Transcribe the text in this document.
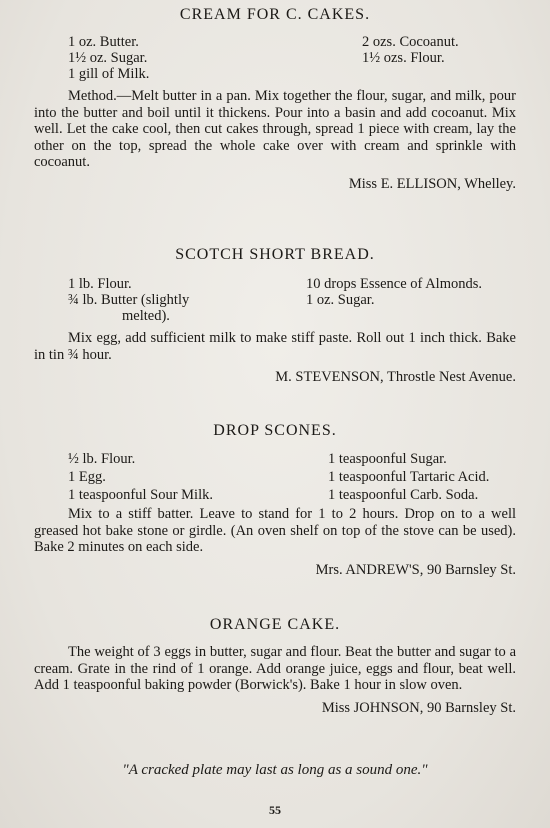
CREAM FOR C. CAKES.
1 oz. Butter.
1½ oz. Sugar.
1 gill of Milk.
2 ozs. Cocoanut.
1½ ozs. Flour.

Method.—Melt butter in a pan. Mix together the flour, sugar, and milk, pour into the butter and boil until it thickens. Pour into a basin and add cocoanut. Mix well. Let the cake cool, then cut cakes through, spread 1 piece with cream, lay the other on the top, spread the whole cake over with cream and sprinkle with cocoanut.

Miss E. ELLISON, Whelley.

SCOTCH SHORT BREAD.
1 lb. Flour.
¾ lb. Butter (slightly
melted).
10 drops Essence of Almonds.
1 oz. Sugar.

Mix egg, add sufficient milk to make stiff paste. Roll out 1 inch thick. Bake in tin ¾ hour.

M. STEVENSON, Throstle Nest Avenue.

DROP SCONES.
½ lb. Flour.
1 Egg.
1 teaspoonful Sour Milk.
1 teaspoonful Sugar.
1 teaspoonful Tartaric Acid.
1 teaspoonful Carb. Soda.

Mix to a stiff batter. Leave to stand for 1 to 2 hours. Drop on to a well greased hot bake stone or girdle. (An oven shelf on top of the stove can be used). Bake 2 minutes on each side.

Mrs. ANDREW'S, 90 Barnsley St.

ORANGE CAKE.

The weight of 3 eggs in butter, sugar and flour. Beat the butter and sugar to a cream. Grate in the rind of 1 orange. Add orange juice, eggs and flour, beat well. Add 1 teaspoonful baking powder (Borwick's). Bake 1 hour in slow oven.

Miss JOHNSON, 90 Barnsley St.

"A cracked plate may last as long as a sound one."

55
